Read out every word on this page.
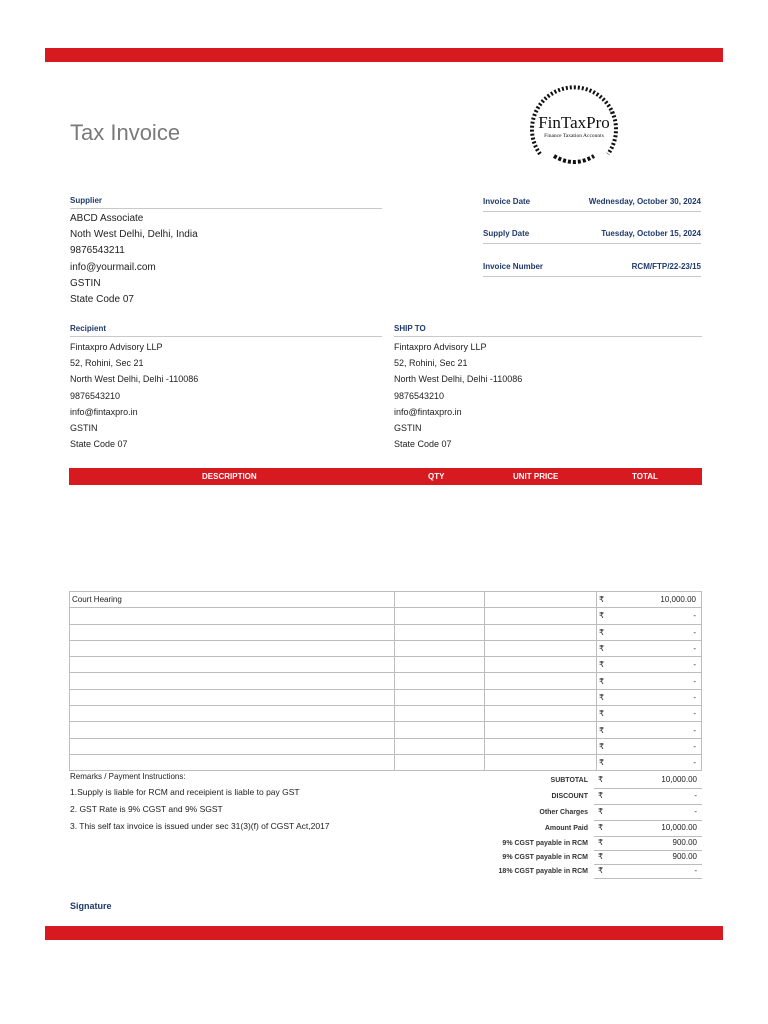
Tax Invoice	FinTaxPro
Finance Taxation Accounts
TM
Supplier
ABCD Associate
Noth West Delhi, Delhi, India
9876543211
info@yourmail.com
GSTIN
State Code 07
Invoice Date	Wednesday, October 30, 2024
Supply Date	Tuesday, October 15, 2024
Invoice Number	RCM/FTP/22-23/15
Recipient
Fintaxpro Advisory LLP
52, Rohini, Sec 21
North West Delhi, Delhi -110086
9876543210
info@fintaxpro.in
GSTIN
State Code 07
SHIP TO
Fintaxpro Advisory LLP
52, Rohini, Sec 21
North West Delhi, Delhi -110086
9876543210
info@fintaxpro.in
GSTIN
State Code 07
DESCRIPTION	QTY	UNIT PRICE	TOTAL
Court Hearing			₹	10,000.00
			₹	-
			₹	-
			₹	-
			₹	-
			₹	-
			₹	-
			₹	-
			₹	-
			₹	-
			₹	-
Remarks / Payment Instructions:
1.Supply is liable for RCM and receipient is liable to pay GST
2. GST Rate is 9% CGST and 9% SGST
3. This self tax invoice is issued under sec 31(3)(f) of CGST Act,2017
SUBTOTAL	₹	10,000.00
DISCOUNT	₹	-
Other Charges	₹	-
Amount Paid	₹	10,000.00
9% CGST payable in RCM	₹	900.00
9% CGST payable in RCM	₹	900.00
18% CGST payable in RCM	₹	-
Signature
